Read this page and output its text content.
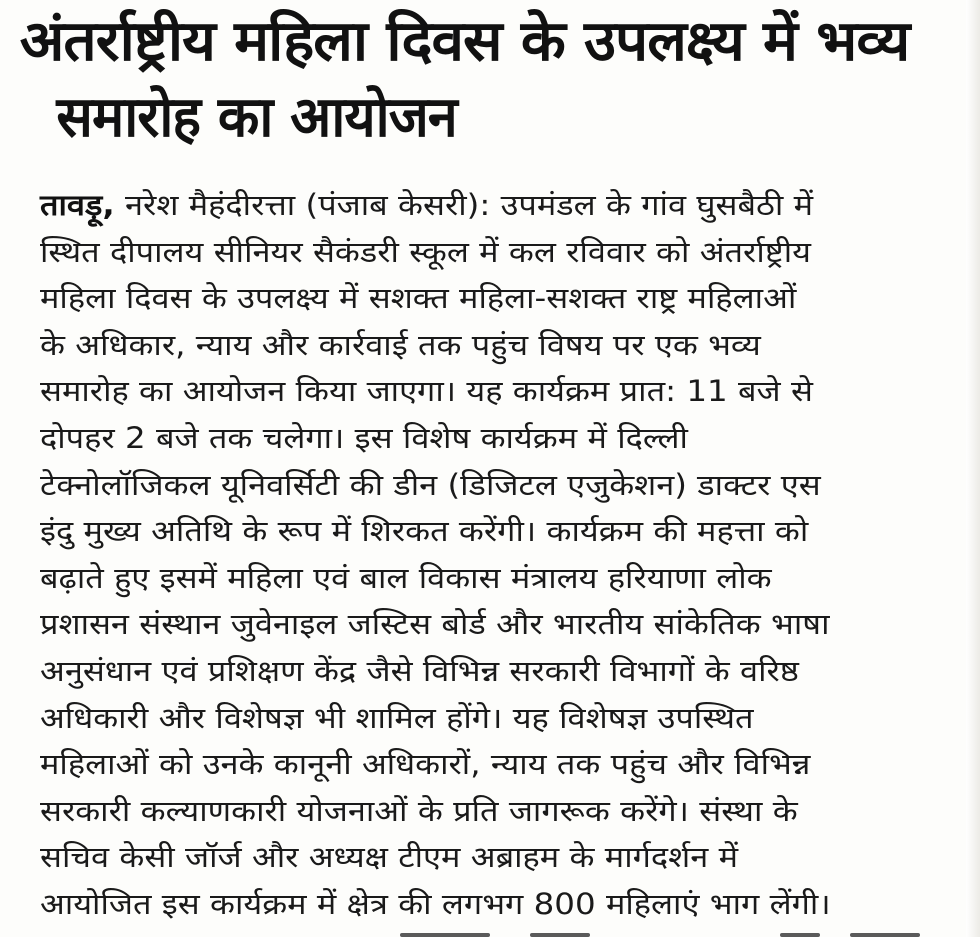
अंतर्राष्ट्रीय महिला दिवस के उपलक्ष्य में भव्य
समारोह का आयोजन
तावड़ू, नरेश मैहंदीरत्ता (पंजाब केसरी): उपमंडल के गांव घुसबैठी में
स्थित दीपालय सीनियर सैकंडरी स्कूल में कल रविवार को अंतर्राष्ट्रीय
महिला दिवस के उपलक्ष्य में सशक्त महिला-सशक्त राष्ट्र महिलाओं
के अधिकार, न्याय और कार्रवाई तक पहुंच विषय पर एक भव्य
समारोह का आयोजन किया जाएगा। यह कार्यक्रम प्रात: 11 बजे से
दोपहर 2 बजे तक चलेगा। इस विशेष कार्यक्रम में दिल्ली
टेक्नोलॉजिकल यूनिवर्सिटी की डीन (डिजिटल एजुकेशन) डाक्टर एस
इंदु मुख्य अतिथि के रूप में शिरकत करेंगी। कार्यक्रम की महत्ता को
बढ़ाते हुए इसमें महिला एवं बाल विकास मंत्रालय हरियाणा लोक
प्रशासन संस्थान जुवेनाइल जस्टिस बोर्ड और भारतीय सांकेतिक भाषा
अनुसंधान एवं प्रशिक्षण केंद्र जैसे विभिन्न सरकारी विभागों के वरिष्ठ
अधिकारी और विशेषज्ञ भी शामिल होंगे। यह विशेषज्ञ उपस्थित
महिलाओं को उनके कानूनी अधिकारों, न्याय तक पहुंच और विभिन्न
सरकारी कल्याणकारी योजनाओं के प्रति जागरूक करेंगे। संस्था के
सचिव केसी जॉर्ज और अध्यक्ष टीएम अब्राहम के मार्गदर्शन में
आयोजित इस कार्यक्रम में क्षेत्र की लगभग 800 महिलाएं भाग लेंगी।
